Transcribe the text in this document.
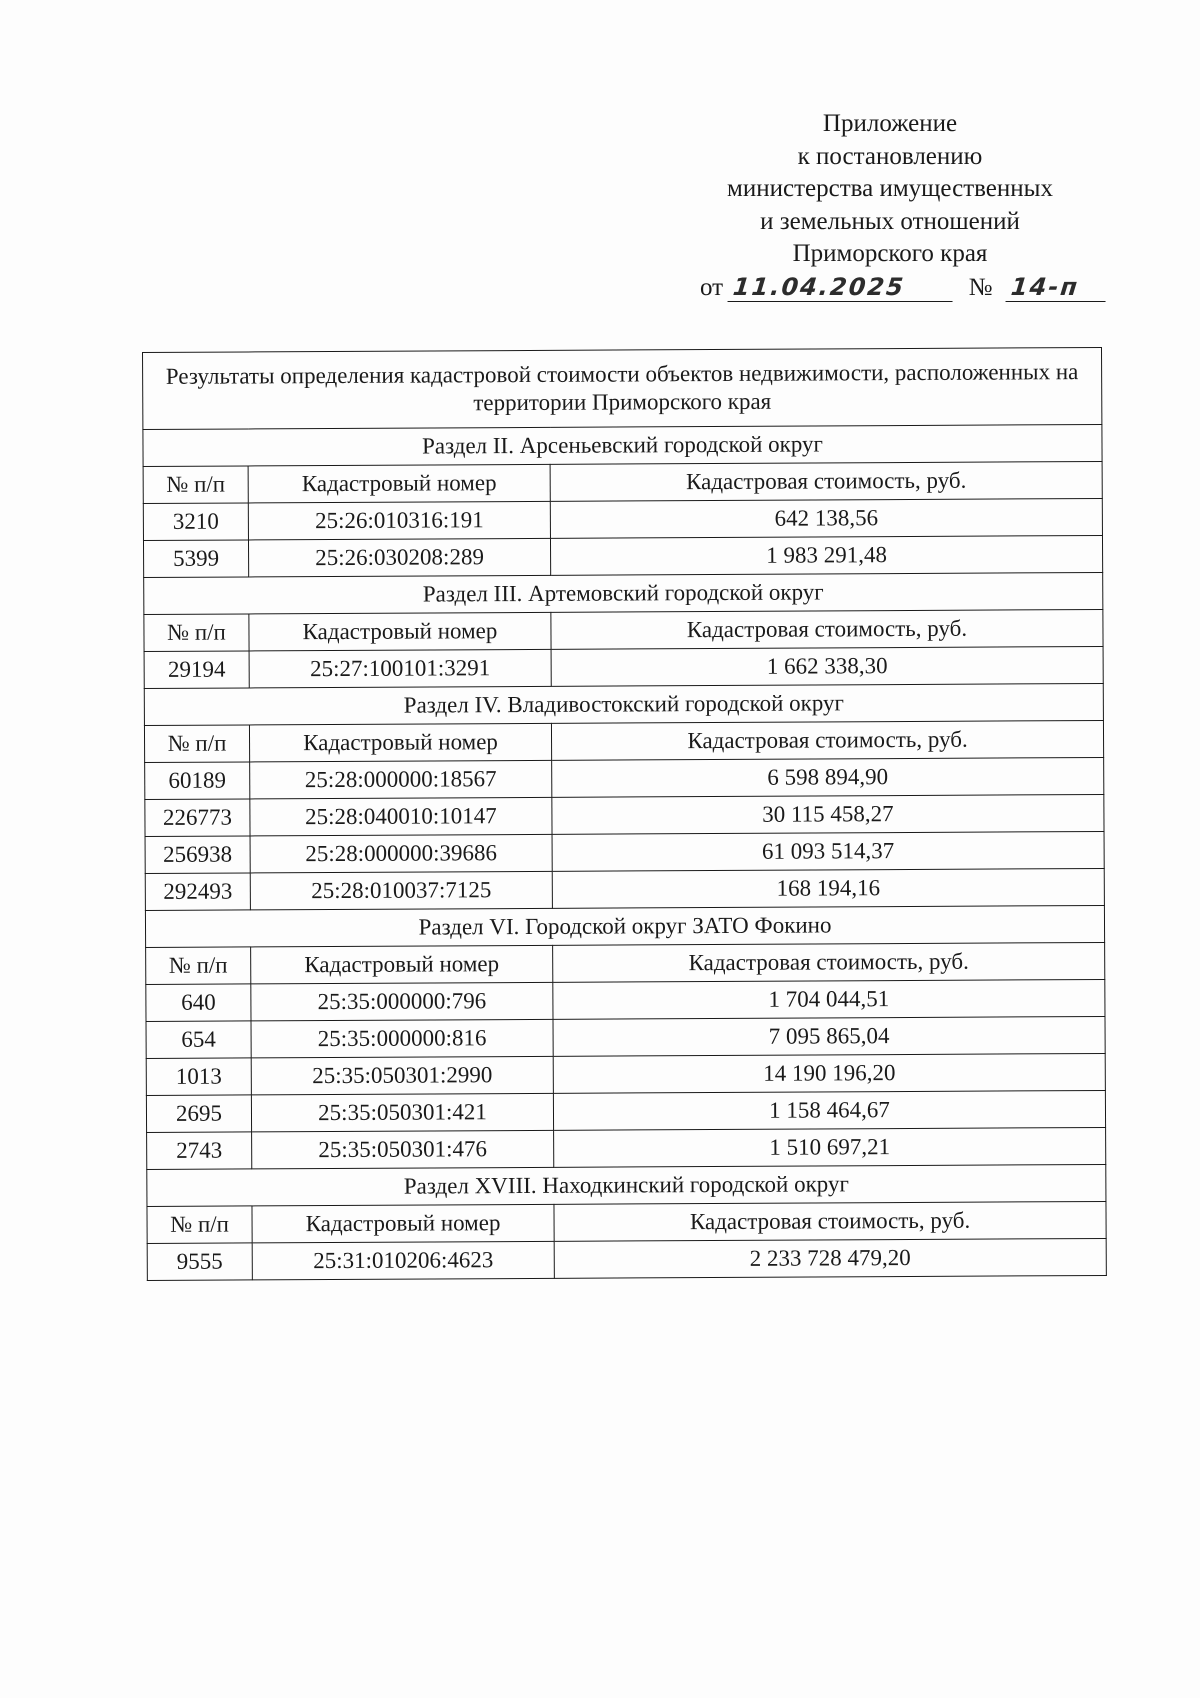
Приложение
к постановлению
министерства имущественных
и земельных отношений
Приморского края
от 11.04.2025 № 14-п
Результаты определения кадастровой стоимости объектов недвижимости, расположенных на территории Приморского края		
Раздел II. Арсеньевский городской округ		
№ п/п	Кадастровый номер	Кадастровая стоимость, руб.
3210	25:26:010316:191	642 138,56
5399	25:26:030208:289	1 983 291,48
Раздел III. Артемовский городской округ		
№ п/п	Кадастровый номер	Кадастровая стоимость, руб.
29194	25:27:100101:3291	1 662 338,30
Раздел IV. Владивостокский городской округ		
№ п/п	Кадастровый номер	Кадастровая стоимость, руб.
60189	25:28:000000:18567	6 598 894,90
226773	25:28:040010:10147	30 115 458,27
256938	25:28:000000:39686	61 093 514,37
292493	25:28:010037:7125	168 194,16
Раздел VI. Городской округ ЗАТО Фокино		
№ п/п	Кадастровый номер	Кадастровая стоимость, руб.
640	25:35:000000:796	1 704 044,51
654	25:35:000000:816	7 095 865,04
1013	25:35:050301:2990	14 190 196,20
2695	25:35:050301:421	1 158 464,67
2743	25:35:050301:476	1 510 697,21
Раздел XVIII. Находкинский городской округ		
№ п/п	Кадастровый номер	Кадастровая стоимость, руб.
9555	25:31:010206:4623	2 233 728 479,20
